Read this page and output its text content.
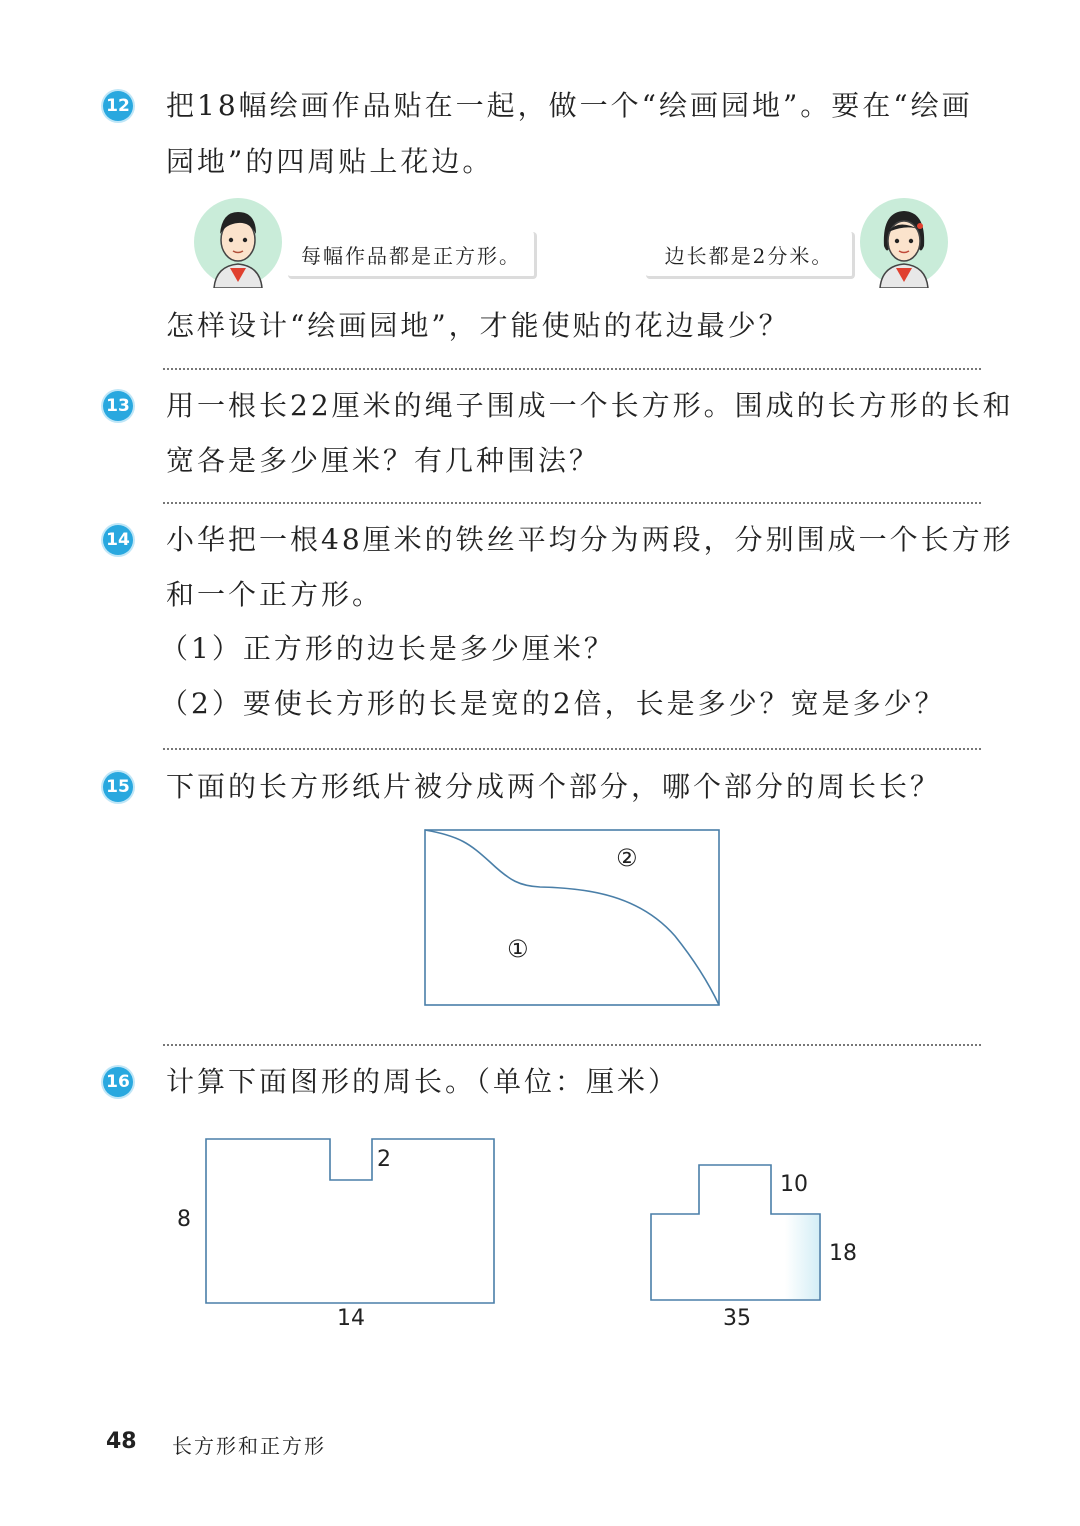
12 把18幅绘画作品贴在一起，做一个“绘画园地”。要在“绘画
园地”的四周贴上花边。
每幅作品都是正方形。	边长都是2分米。
怎样设计“绘画园地”，才能使贴的花边最少？
13 用一根长22厘米的绳子围成一个长方形。围成的长方形的长和
宽各是多少厘米？有几种围法？
14 小华把一根48厘米的铁丝平均分为两段，分别围成一个长方形
和一个正方形。
（1）正方形的边长是多少厘米？
（2）要使长方形的长是宽的2倍，长是多少？宽是多少？
15 下面的长方形纸片被分成两个部分，哪个部分的周长长？
②
①
16 计算下面图形的周长。（单位：厘米）
2
8
14
10
18
35
48 长方形和正方形
